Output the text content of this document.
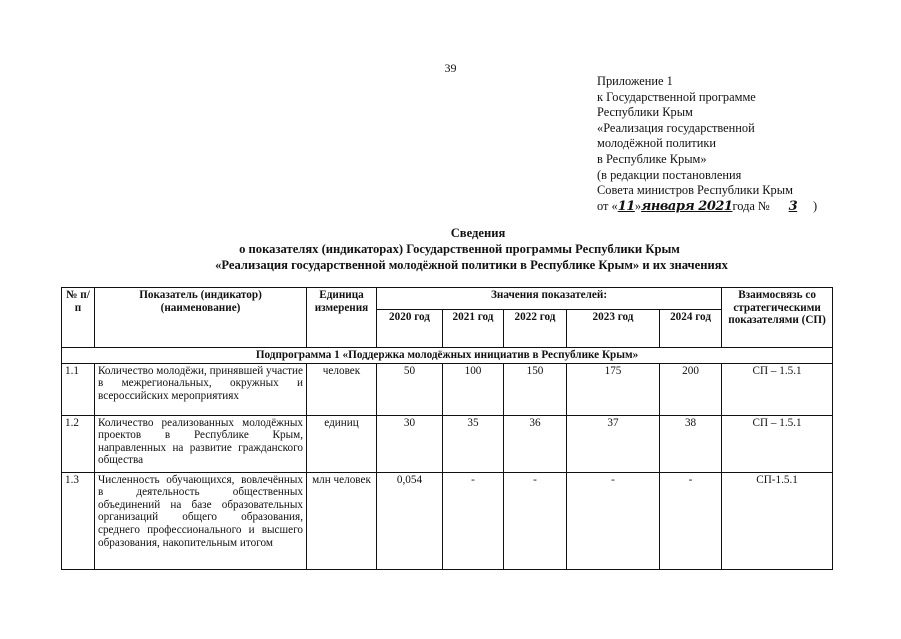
39
Приложение 1
к Государственной программе
Республики Крым
«Реализация государственной
молодёжной политики
в Республике Крым»
(в редакции постановления
Совета министров Республики Крым
от «11»января 2021года № 3 )
Сведения
о показателях (индикаторах) Государственной программы Республики Крым
«Реализация государственной молодёжной политики в Республике Крым» и их значениях
№ п/п	Показатель (индикатор) (наименование)	Единица измерения	Значения показателей:					Взаимосвязь со стратегическими показателями (СП)
			2020 год	2021 год	2022 год	2023 год	2024 год	
Подпрограмма 1 «Поддержка молодёжных инициатив в Республике Крым»								
1.1	Количество молодёжи, принявшей участие в межрегиональных, окружных и всероссийских мероприятиях	человек	50	100	150	175	200	СП – 1.5.1
1.2	Количество реализованных молодёжных проектов в Республике Крым, направленных на развитие гражданского общества	единиц	30	35	36	37	38	СП – 1.5.1
1.3	Численность обучающихся, вовлечённых в деятельность общественных объединений на базе образовательных организаций общего образования, среднего профессионального и высшего образования, накопительным итогом	млн человек	0,054	-	-	-	-	СП-1.5.1
